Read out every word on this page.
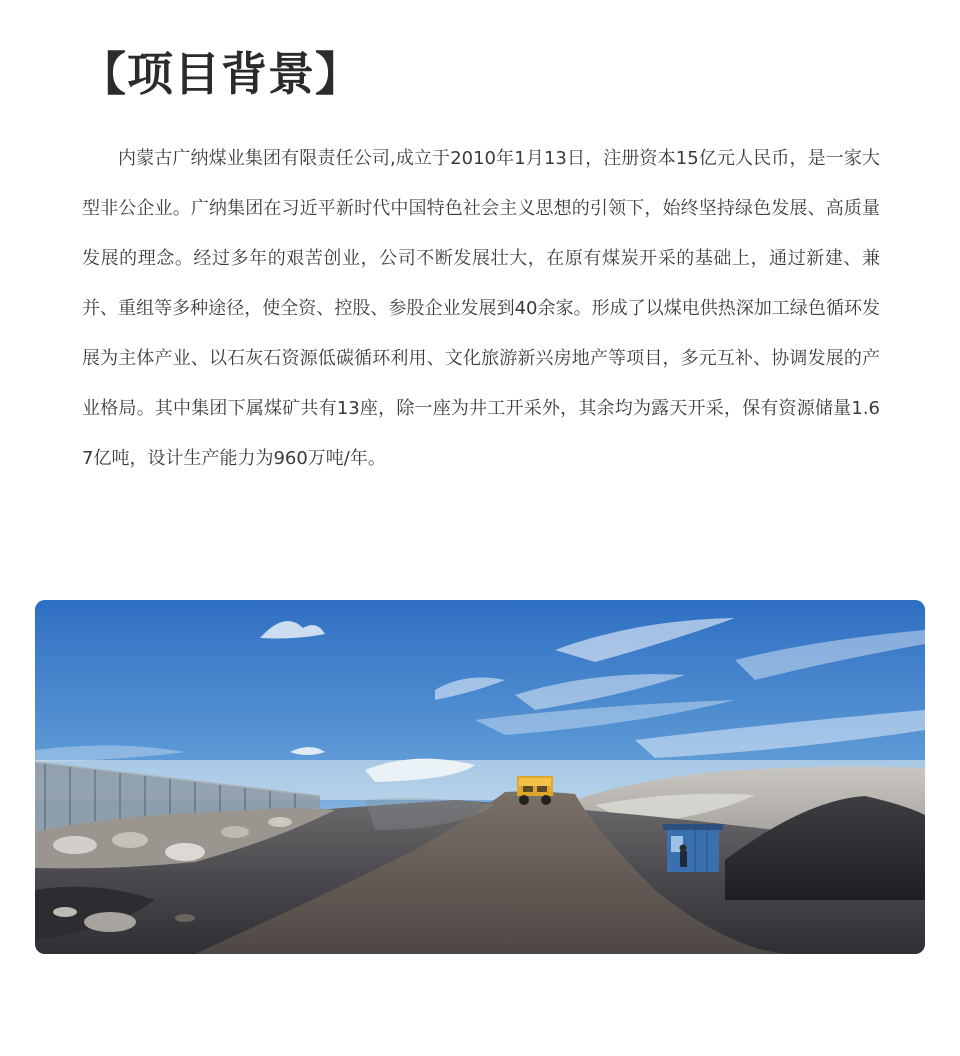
【项目背景】

内蒙古广纳煤业集团有限责任公司,成立于2010年1月13日，注册资本15亿元人民币，是一家大型非公企业。广纳集团在习近平新时代中国特色社会主义思想的引领下，始终坚持绿色发展、高质量发展的理念。经过多年的艰苦创业，公司不断发展壮大，在原有煤炭开采的基础上，通过新建、兼并、重组等多种途径，使全资、控股、参股企业发展到40余家。形成了以煤电供热深加工绿色循环发展为主体产业、以石灰石资源低碳循环利用、文化旅游新兴房地产等项目，多元互补、协调发展的产业格局。其中集团下属煤矿共有13座，除一座为井工开采外，其余均为露天开采，保有资源储量1.67亿吨，设计生产能力为960万吨/年。
